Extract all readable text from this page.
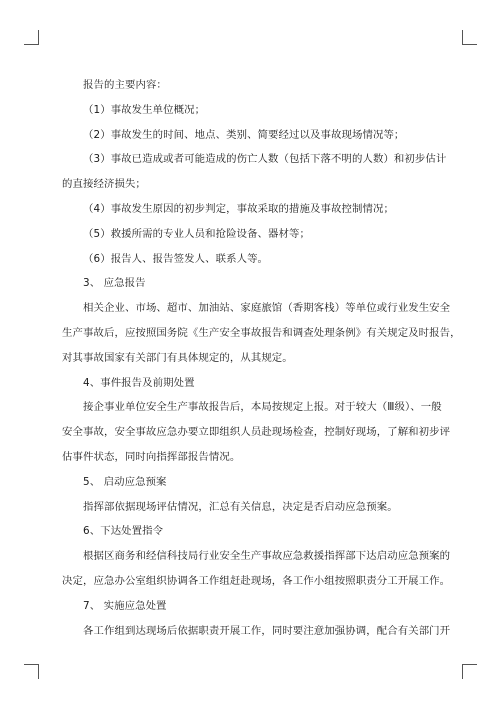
报告的主要内容：

（1）事故发生单位概况；

（2）事故发生的时间、地点、类别、简要经过以及事故现场情况等；

（3）事故已造成或者可能造成的伤亡人数（包括下落不明的人数）和初步估计

的直接经济损失；

（4）事故发生原因的初步判定，事故采取的措施及事故控制情况；

（5）救援所需的专业人员和抢险设备、器材等；

（6）报告人、报告签发人、联系人等。

3、 应急报告

相关企业、市场、超市、加油站、家庭旅馆（香期客栈）等单位或行业发生安全

生产事故后，应按照国务院《生产安全事故报告和调查处理条例》有关规定及时报告，

对其事故国家有关部门有具体规定的，从其规定。

4、事件报告及前期处置

接企事业单位安全生产事故报告后，本局按规定上报。对于较大（Ⅲ级）、一般

安全事故，安全事故应急办要立即组织人员赴现场检查，控制好现场，了解和初步评

估事件状态，同时向指挥部报告情况。

5、 启动应急预案

指挥部依据现场评估情况，汇总有关信息，决定是否启动应急预案。

6、下达处置指令

根据区商务和经信科技局行业安全生产事故应急救援指挥部下达启动应急预案的

决定，应急办公室组织协调各工作组赶赴现场，各工作小组按照职责分工开展工作。

7、 实施应急处置

各工作组到达现场后依据职责开展工作，同时要注意加强协调，配合有关部门开
